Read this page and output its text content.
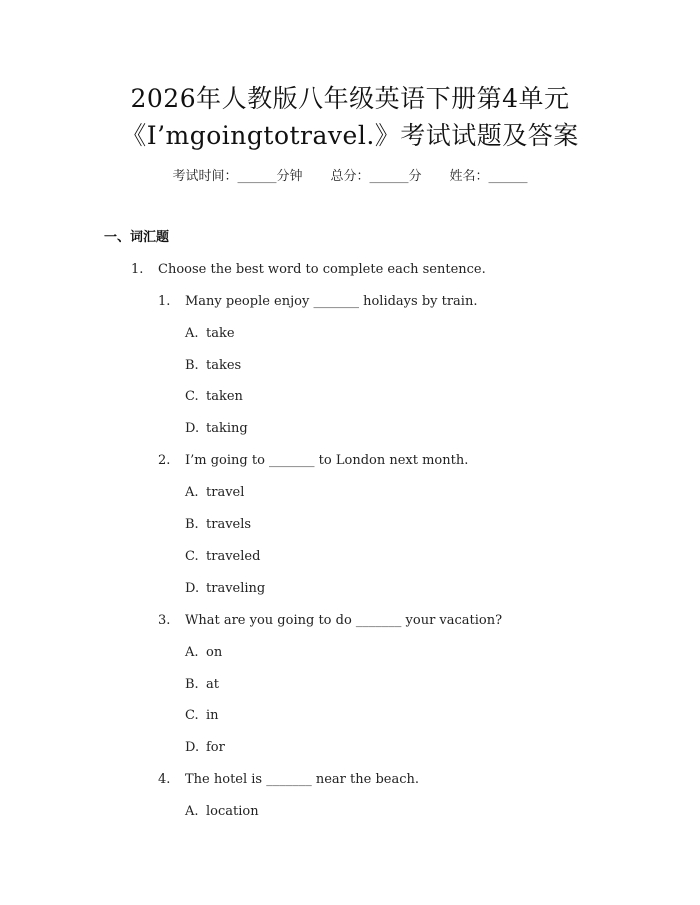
2026年人教版八年级英语下册第4单元
《I’mgoingtotravel.》考试试题及答案
考试时间：______分钟 总分：______分 姓名：______
一、词汇题
1. Choose the best word to complete each sentence.
1. Many people enjoy _______ holidays by train.
A. take
B. takes
C. taken
D. taking
2. I’m going to _______ to London next month.
A. travel
B. travels
C. traveled
D. traveling
3. What are you going to do _______ your vacation?
A. on
B. at
C. in
D. for
4. The hotel is _______ near the beach.
A. location
